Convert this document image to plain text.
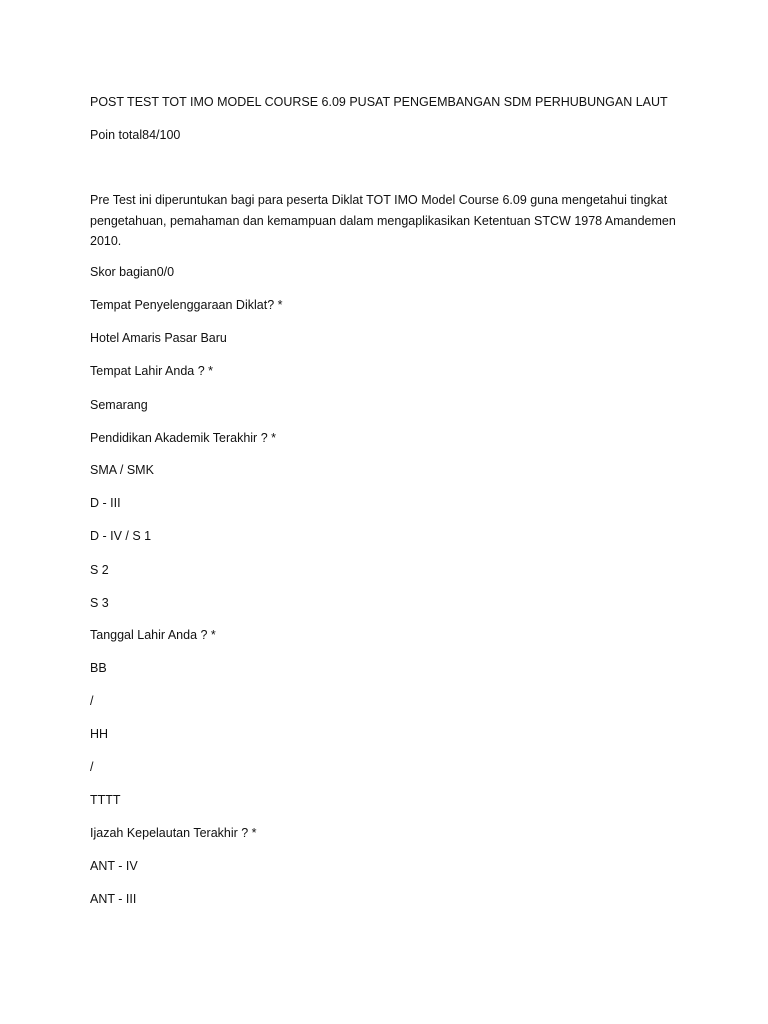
POST TEST TOT IMO MODEL COURSE 6.09 PUSAT PENGEMBANGAN SDM PERHUBUNGAN LAUT
Poin total84/100
Pre Test ini diperuntukan bagi para peserta Diklat TOT IMO Model Course 6.09 guna mengetahui tingkat
pengetahuan, pemahaman dan kemampuan dalam mengaplikasikan Ketentuan STCW 1978 Amandemen
2010.
Skor bagian0/0
Tempat Penyelenggaraan Diklat? *
Hotel Amaris Pasar Baru
Tempat Lahir Anda ? *
Semarang
Pendidikan Akademik Terakhir ? *
SMA / SMK
D - III
D - IV / S 1
S 2
S 3
Tanggal Lahir Anda ? *
BB
/
HH
/
TTTT
Ijazah Kepelautan Terakhir ? *
ANT - IV
ANT - III
